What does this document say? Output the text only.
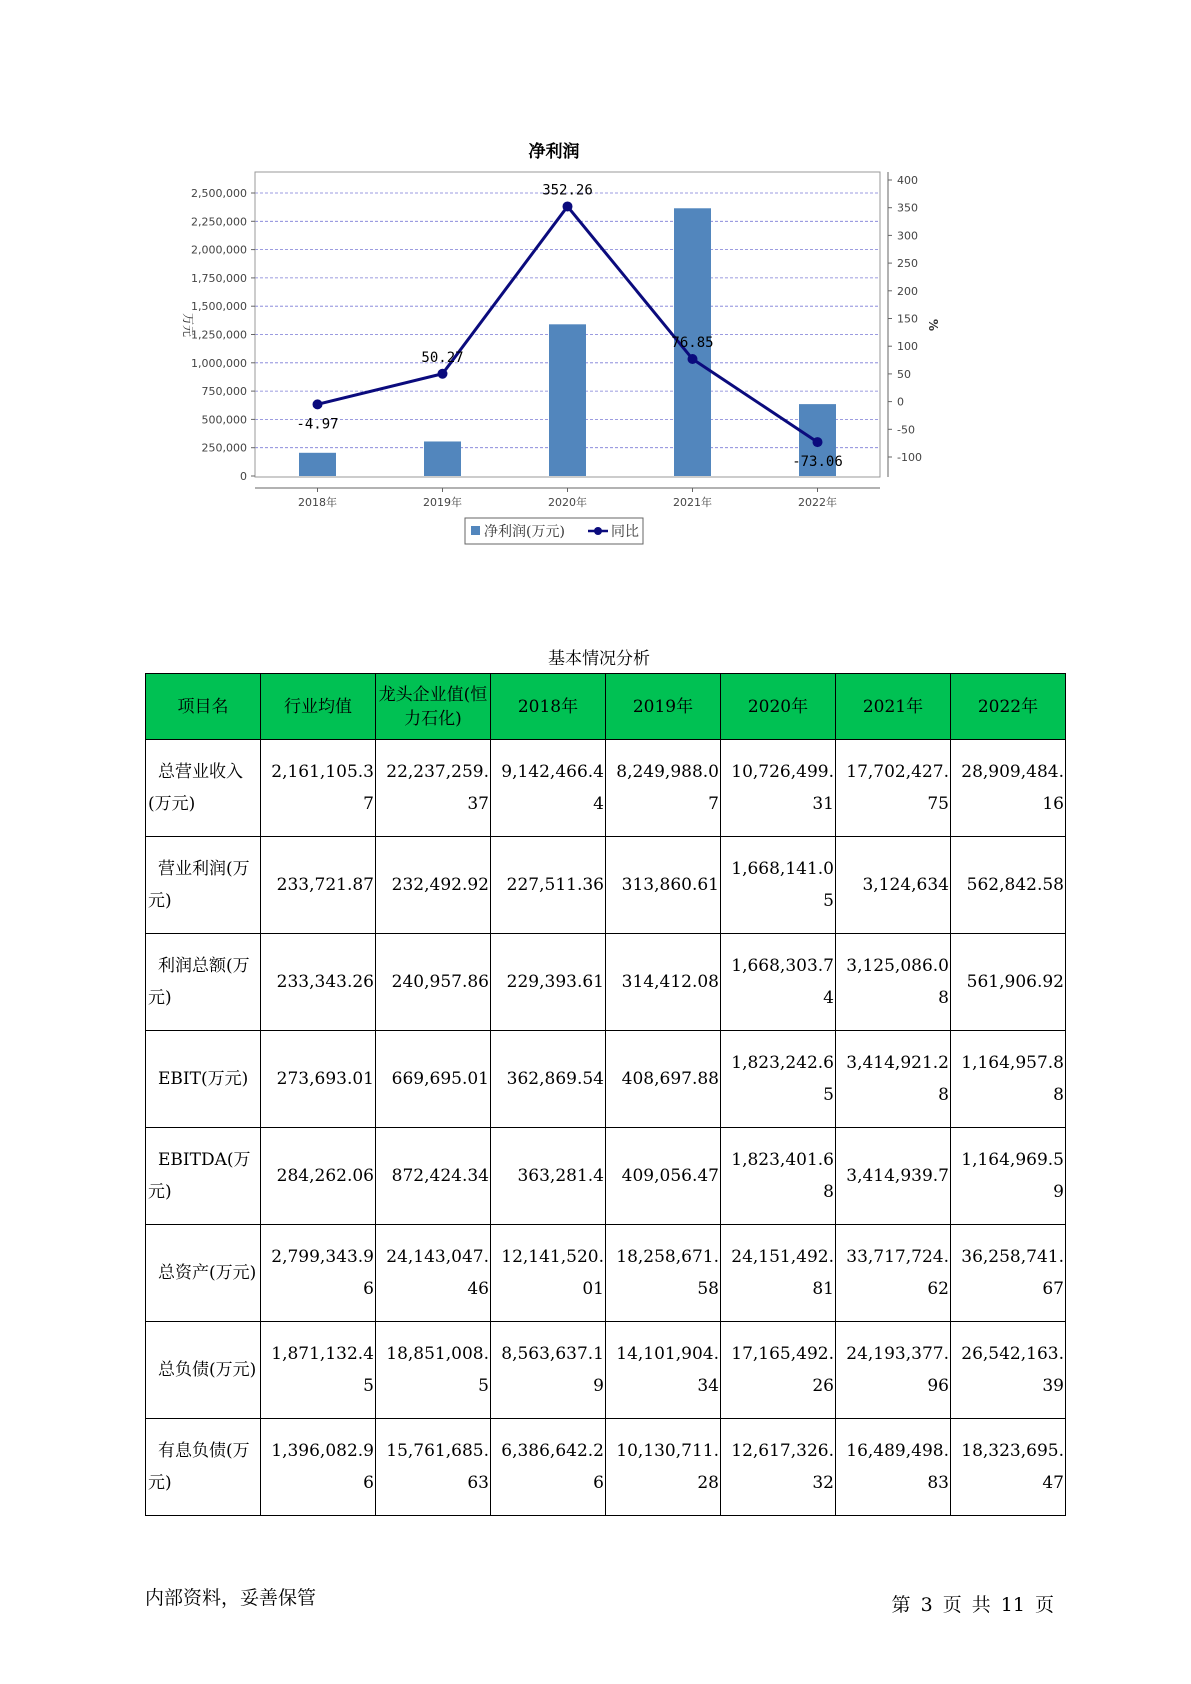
净利润
0
250,000
500,000
750,000
1,000,000
1,250,000
1,500,000
1,750,000
2,000,000
2,250,000
2,500,000
-100
-50
0
50
100
150
200
250
300
350
400
2018年	2019年	2020年	2021年	2022年
-4.97
50.27
352.26
76.85
-73.06
万元	%
净利润(万元)	同比
基本情况分析
项目名	行业均值	龙头企业值(恒力石化)	2018年	2019年	2020年	2021年	2022年
总营业收入(万元)	2,161,105.37	22,237,259.37	9,142,466.44	8,249,988.07	10,726,499.31	17,702,427.75	28,909,484.16
营业利润(万元)	233,721.87	232,492.92	227,511.36	313,860.61	1,668,141.05	3,124,634	562,842.58
利润总额(万元)	233,343.26	240,957.86	229,393.61	314,412.08	1,668,303.74	3,125,086.08	561,906.92
EBIT(万元)	273,693.01	669,695.01	362,869.54	408,697.88	1,823,242.65	3,414,921.28	1,164,957.88
EBITDA(万元)	284,262.06	872,424.34	363,281.4	409,056.47	1,823,401.68	3,414,939.7	1,164,969.59
总资产(万元)	2,799,343.96	24,143,047.46	12,141,520.01	18,258,671.58	24,151,492.81	33,717,724.62	36,258,741.67
总负债(万元)	1,871,132.45	18,851,008.5	8,563,637.19	14,101,904.34	17,165,492.26	24,193,377.96	26,542,163.39
有息负债(万元)	1,396,082.96	15,761,685.63	6,386,642.26	10,130,711.28	12,617,326.32	16,489,498.83	18,323,695.47
内部资料，妥善保管	第 3 页 共 11 页
